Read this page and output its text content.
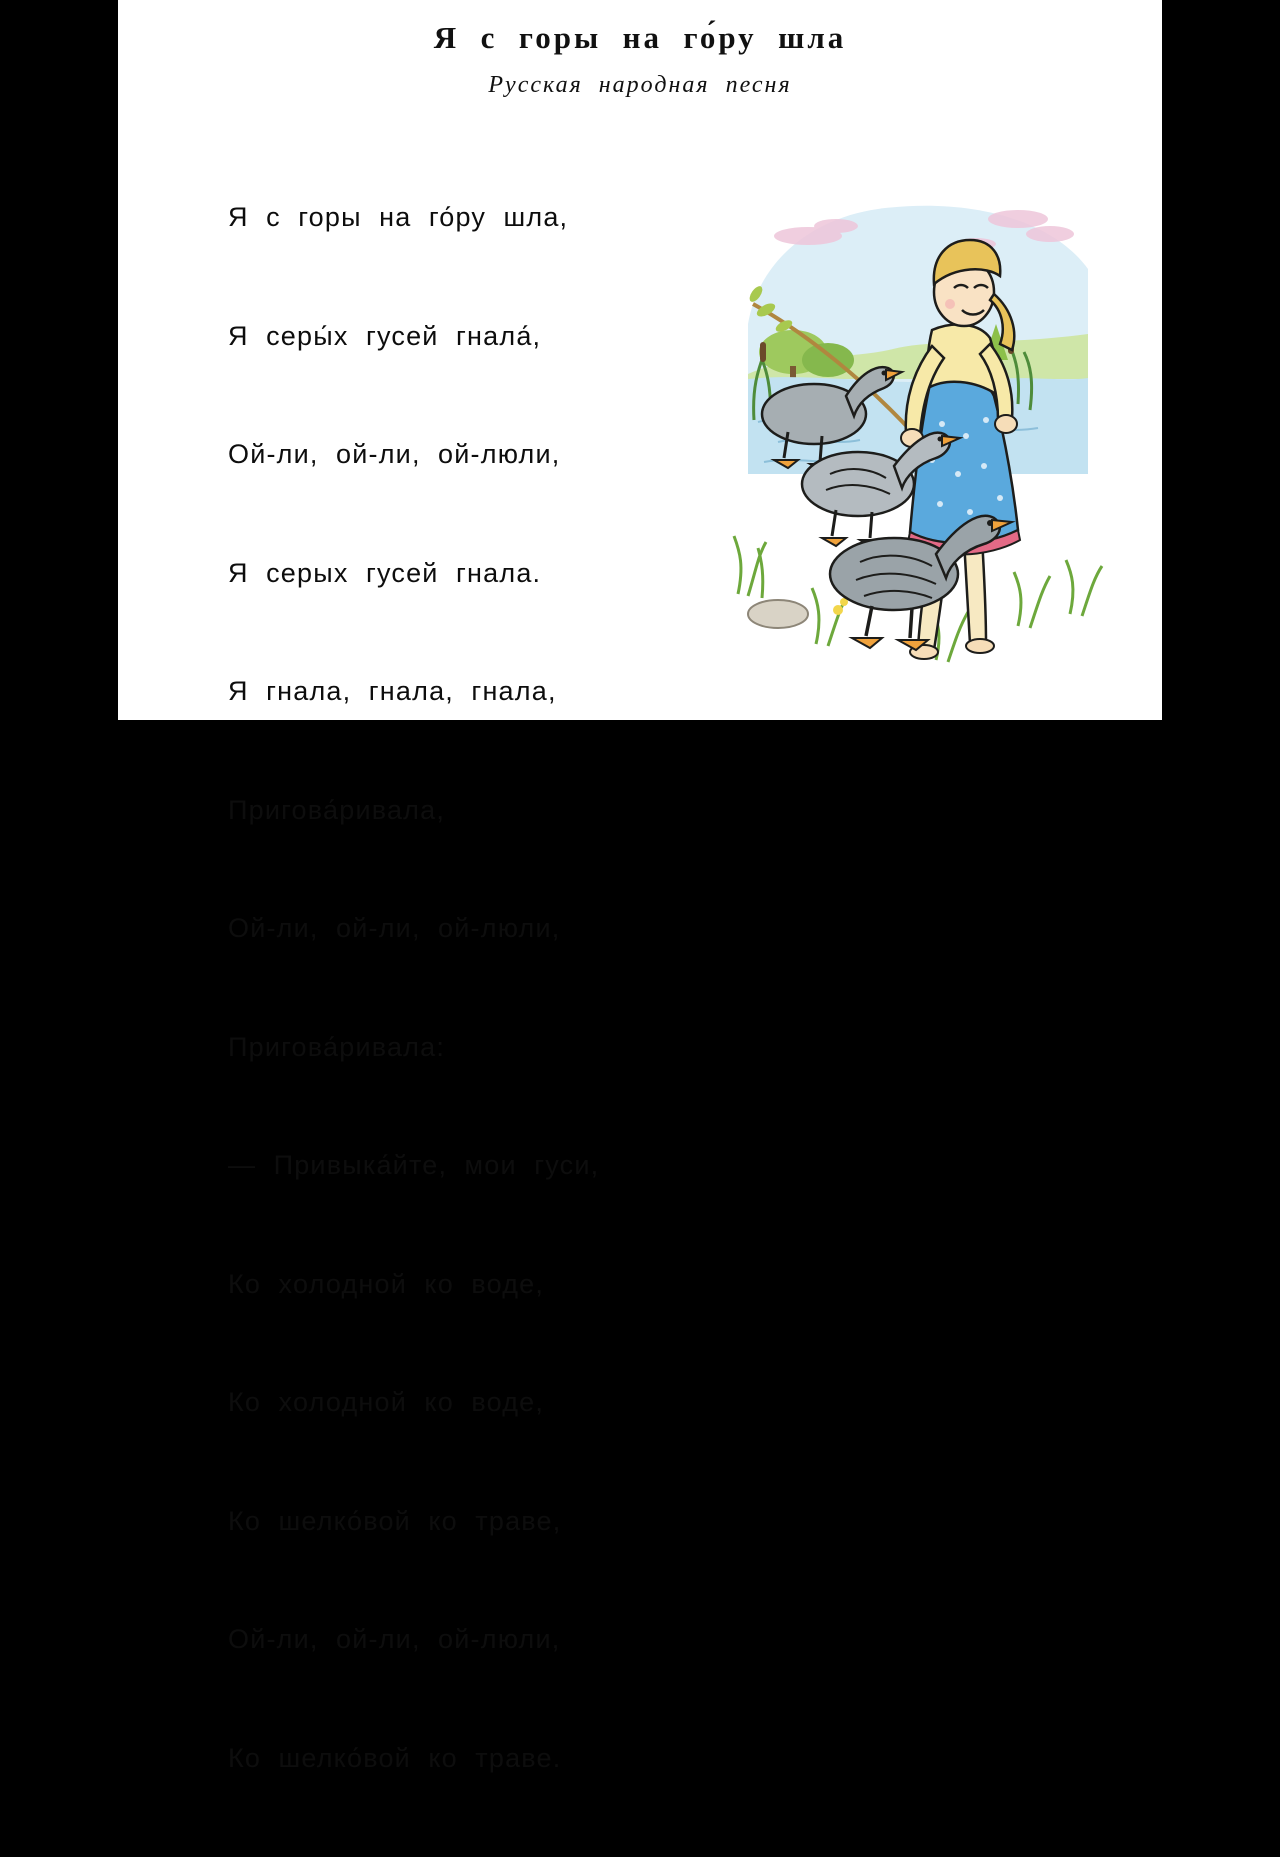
Я  с  горы  на  го́ру  шла
Русская  народная  песня

Я  с  горы  на  го́ру  шла,

Я  серы́х  гусей  гнала́,

Ой-ли,  ой-ли,  ой-люли,

Я  серых  гусей  гнала.

Я  гнала,  гнала,  гнала,

Пригова́ривала,

Ой-ли,  ой-ли,  ой-люли,

Пригова́ривала:

—  Привыка́йте,  мои  гуси,

Ко  холодной  ко  воде,

Ко  холодной  ко  воде,

Ко  шелко́вой  ко  траве,

Ой-ли,  ой-ли,  ой-люли,

Ко  шелко́вой  ко  траве.
